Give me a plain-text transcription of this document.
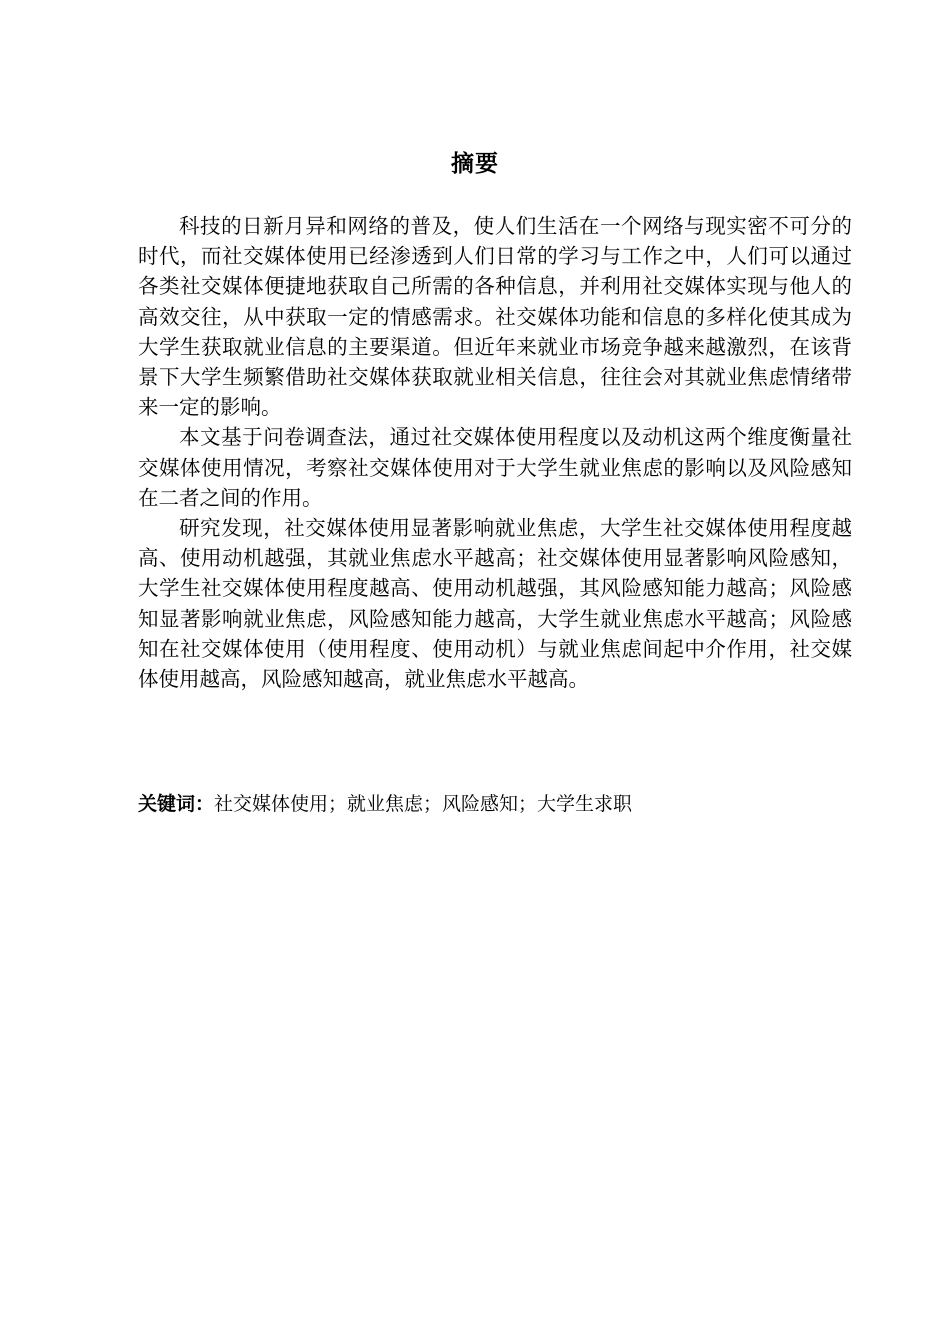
摘要

科技的日新月异和网络的普及，使人们生活在一个网络与现实密不可分的时代，而社交媒体使用已经渗透到人们日常的学习与工作之中，人们可以通过各类社交媒体便捷地获取自己所需的各种信息，并利用社交媒体实现与他人的高效交往，从中获取一定的情感需求。社交媒体功能和信息的多样化使其成为大学生获取就业信息的主要渠道。但近年来就业市场竞争越来越激烈，在该背景下大学生频繁借助社交媒体获取就业相关信息，往往会对其就业焦虑情绪带来一定的影响。

本文基于问卷调查法，通过社交媒体使用程度以及动机这两个维度衡量社交媒体使用情况，考察社交媒体使用对于大学生就业焦虑的影响以及风险感知在二者之间的作用。

研究发现，社交媒体使用显著影响就业焦虑，大学生社交媒体使用程度越高、使用动机越强，其就业焦虑水平越高；社交媒体使用显著影响风险感知，大学生社交媒体使用程度越高、使用动机越强，其风险感知能力越高；风险感知显著影响就业焦虑，风险感知能力越高，大学生就业焦虑水平越高；风险感知在社交媒体使用（使用程度、使用动机）与就业焦虑间起中介作用，社交媒体使用越高，风险感知越高，就业焦虑水平越高。

关键词：社交媒体使用；就业焦虑；风险感知；大学生求职
